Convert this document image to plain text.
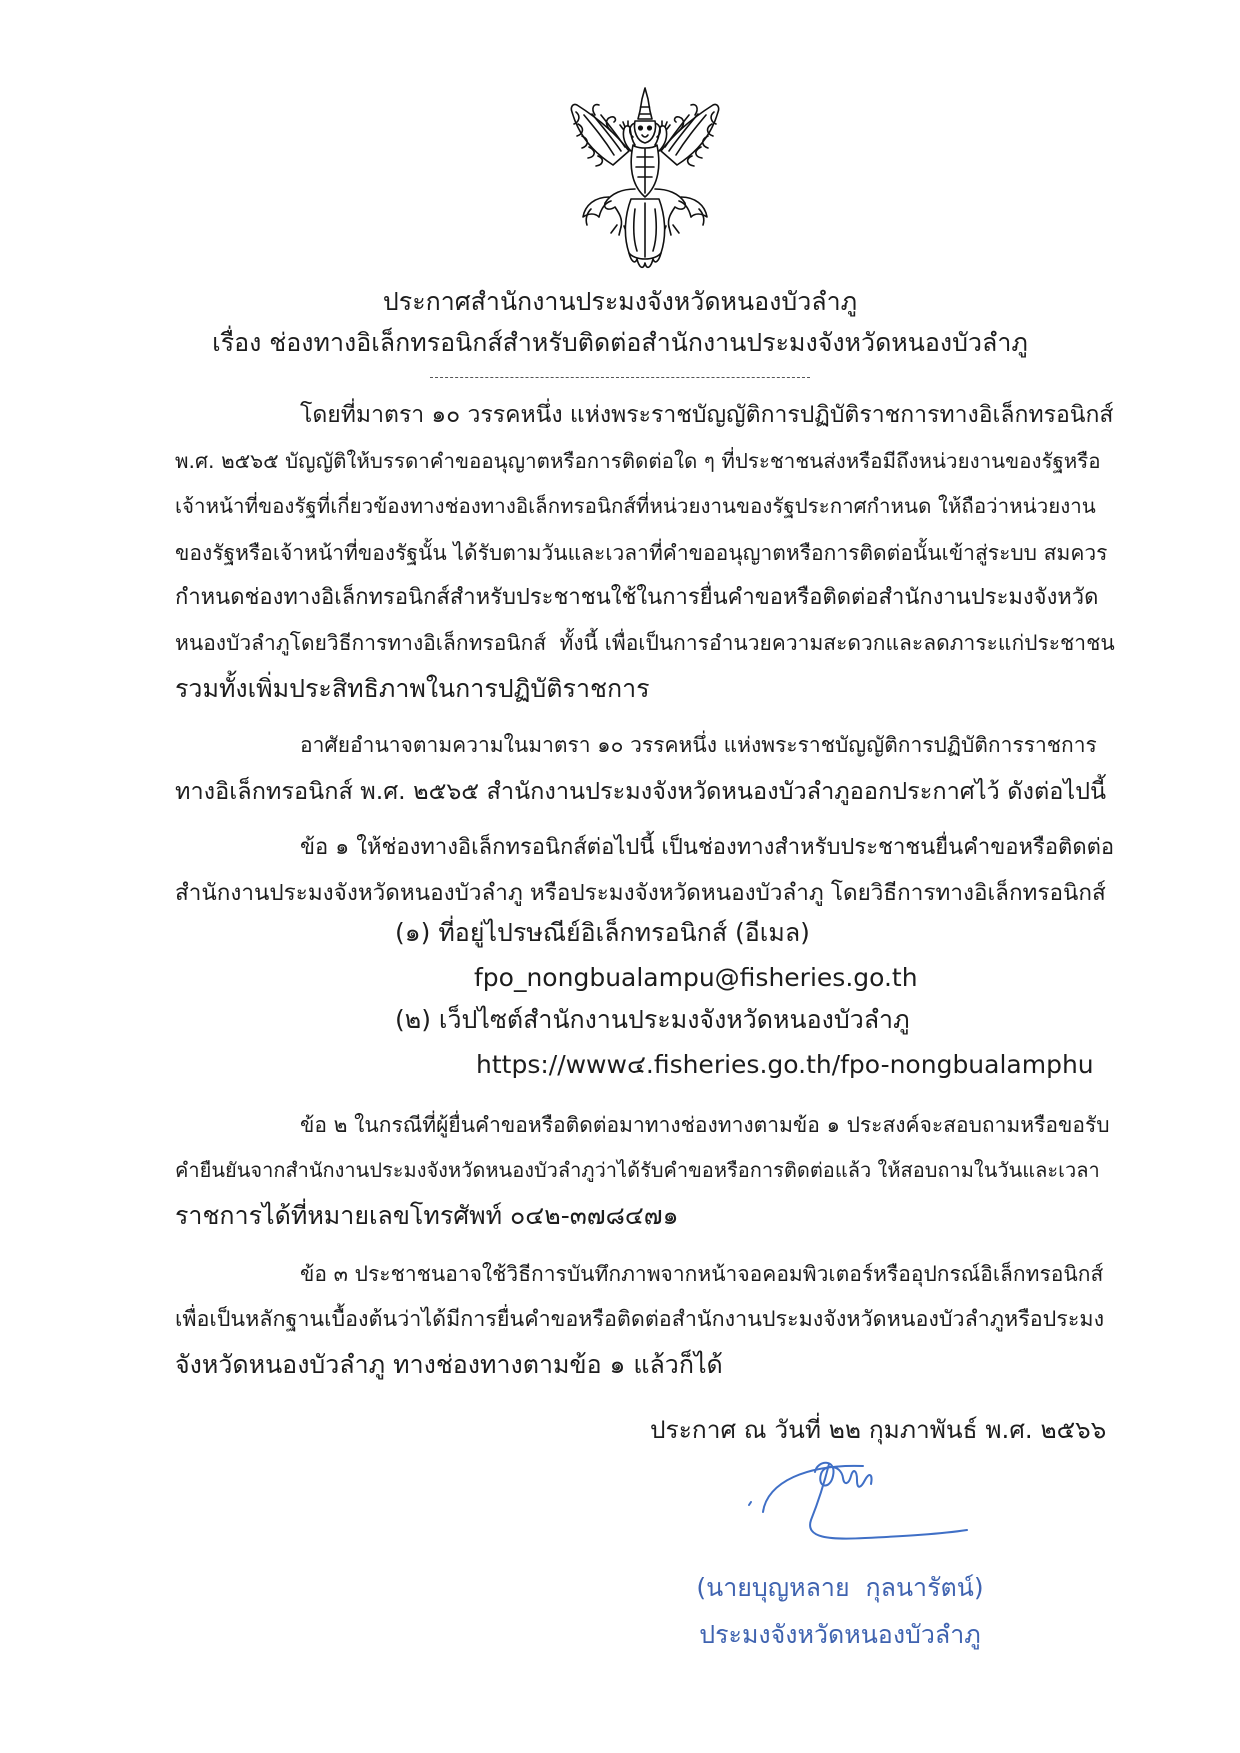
ประกาศสำนักงานประมงจังหวัดหนองบัวลำภู
เรื่อง ช่องทางอิเล็กทรอนิกส์สำหรับติดต่อสำนักงานประมงจังหวัดหนองบัวลำภู
โดยที่มาตรา ๑๐ วรรคหนึ่ง แห่งพระราชบัญญัติการปฏิบัติราชการทางอิเล็กทรอนิกส์
พ.ศ. ๒๕๖๕ บัญญัติให้บรรดาคำขออนุญาตหรือการติดต่อใด ๆ ที่ประชาชนส่งหรือมีถึงหน่วยงานของรัฐหรือ
เจ้าหน้าที่ของรัฐที่เกี่ยวข้องทางช่องทางอิเล็กทรอนิกส์ที่หน่วยงานของรัฐประกาศกำหนด ให้ถือว่าหน่วยงาน
ของรัฐหรือเจ้าหน้าที่ของรัฐนั้น ได้รับตามวันและเวลาที่คำขออนุญาตหรือการติดต่อนั้นเข้าสู่ระบบ สมควร
กำหนดช่องทางอิเล็กทรอนิกส์สำหรับประชาชนใช้ในการยื่นคำขอหรือติดต่อสำนักงานประมงจังหวัด
หนองบัวลำภูโดยวิธีการทางอิเล็กทรอนิกส์  ทั้งนี้ เพื่อเป็นการอำนวยความสะดวกและลดภาระแก่ประชาชน
รวมทั้งเพิ่มประสิทธิภาพในการปฏิบัติราชการ
อาศัยอำนาจตามความในมาตรา ๑๐ วรรคหนึ่ง แห่งพระราชบัญญัติการปฏิบัติการราชการ
ทางอิเล็กทรอนิกส์ พ.ศ. ๒๕๖๕ สำนักงานประมงจังหวัดหนองบัวลำภูออกประกาศไว้ ดังต่อไปนี้
ข้อ ๑ ให้ช่องทางอิเล็กทรอนิกส์ต่อไปนี้ เป็นช่องทางสำหรับประชาชนยื่นคำขอหรือติดต่อ
สำนักงานประมงจังหวัดหนองบัวลำภู หรือประมงจังหวัดหนองบัวลำภู โดยวิธีการทางอิเล็กทรอนิกส์
(๑) ที่อยู่ไปรษณีย์อิเล็กทรอนิกส์ (อีเมล)
fpo_nongbualampu@fisheries.go.th
(๒) เว็ปไซต์สำนักงานประมงจังหวัดหนองบัวลำภู
https://www๔.fisheries.go.th/fpo-nongbualamphu
ข้อ ๒ ในกรณีที่ผู้ยื่นคำขอหรือติดต่อมาทางช่องทางตามข้อ ๑ ประสงค์จะสอบถามหรือขอรับ
คำยืนยันจากสำนักงานประมงจังหวัดหนองบัวลำภูว่าได้รับคำขอหรือการติดต่อแล้ว ให้สอบถามในวันและเวลา
ราชการได้ที่หมายเลขโทรศัพท์ ๐๔๒-๓๗๘๔๗๑
ข้อ ๓ ประชาชนอาจใช้วิธีการบันทึกภาพจากหน้าจอคอมพิวเตอร์หรืออุปกรณ์อิเล็กทรอนิกส์
เพื่อเป็นหลักฐานเบื้องต้นว่าได้มีการยื่นคำขอหรือติดต่อสำนักงานประมงจังหวัดหนองบัวลำภูหรือประมง
จังหวัดหนองบัวลำภู ทางช่องทางตามข้อ ๑ แล้วก็ได้
ประกาศ ณ วันที่ ๒๒ กุมภาพันธ์ พ.ศ. ๒๕๖๖
(นายบุญหลาย  กุลนารัตน์)
ประมงจังหวัดหนองบัวลำภู
